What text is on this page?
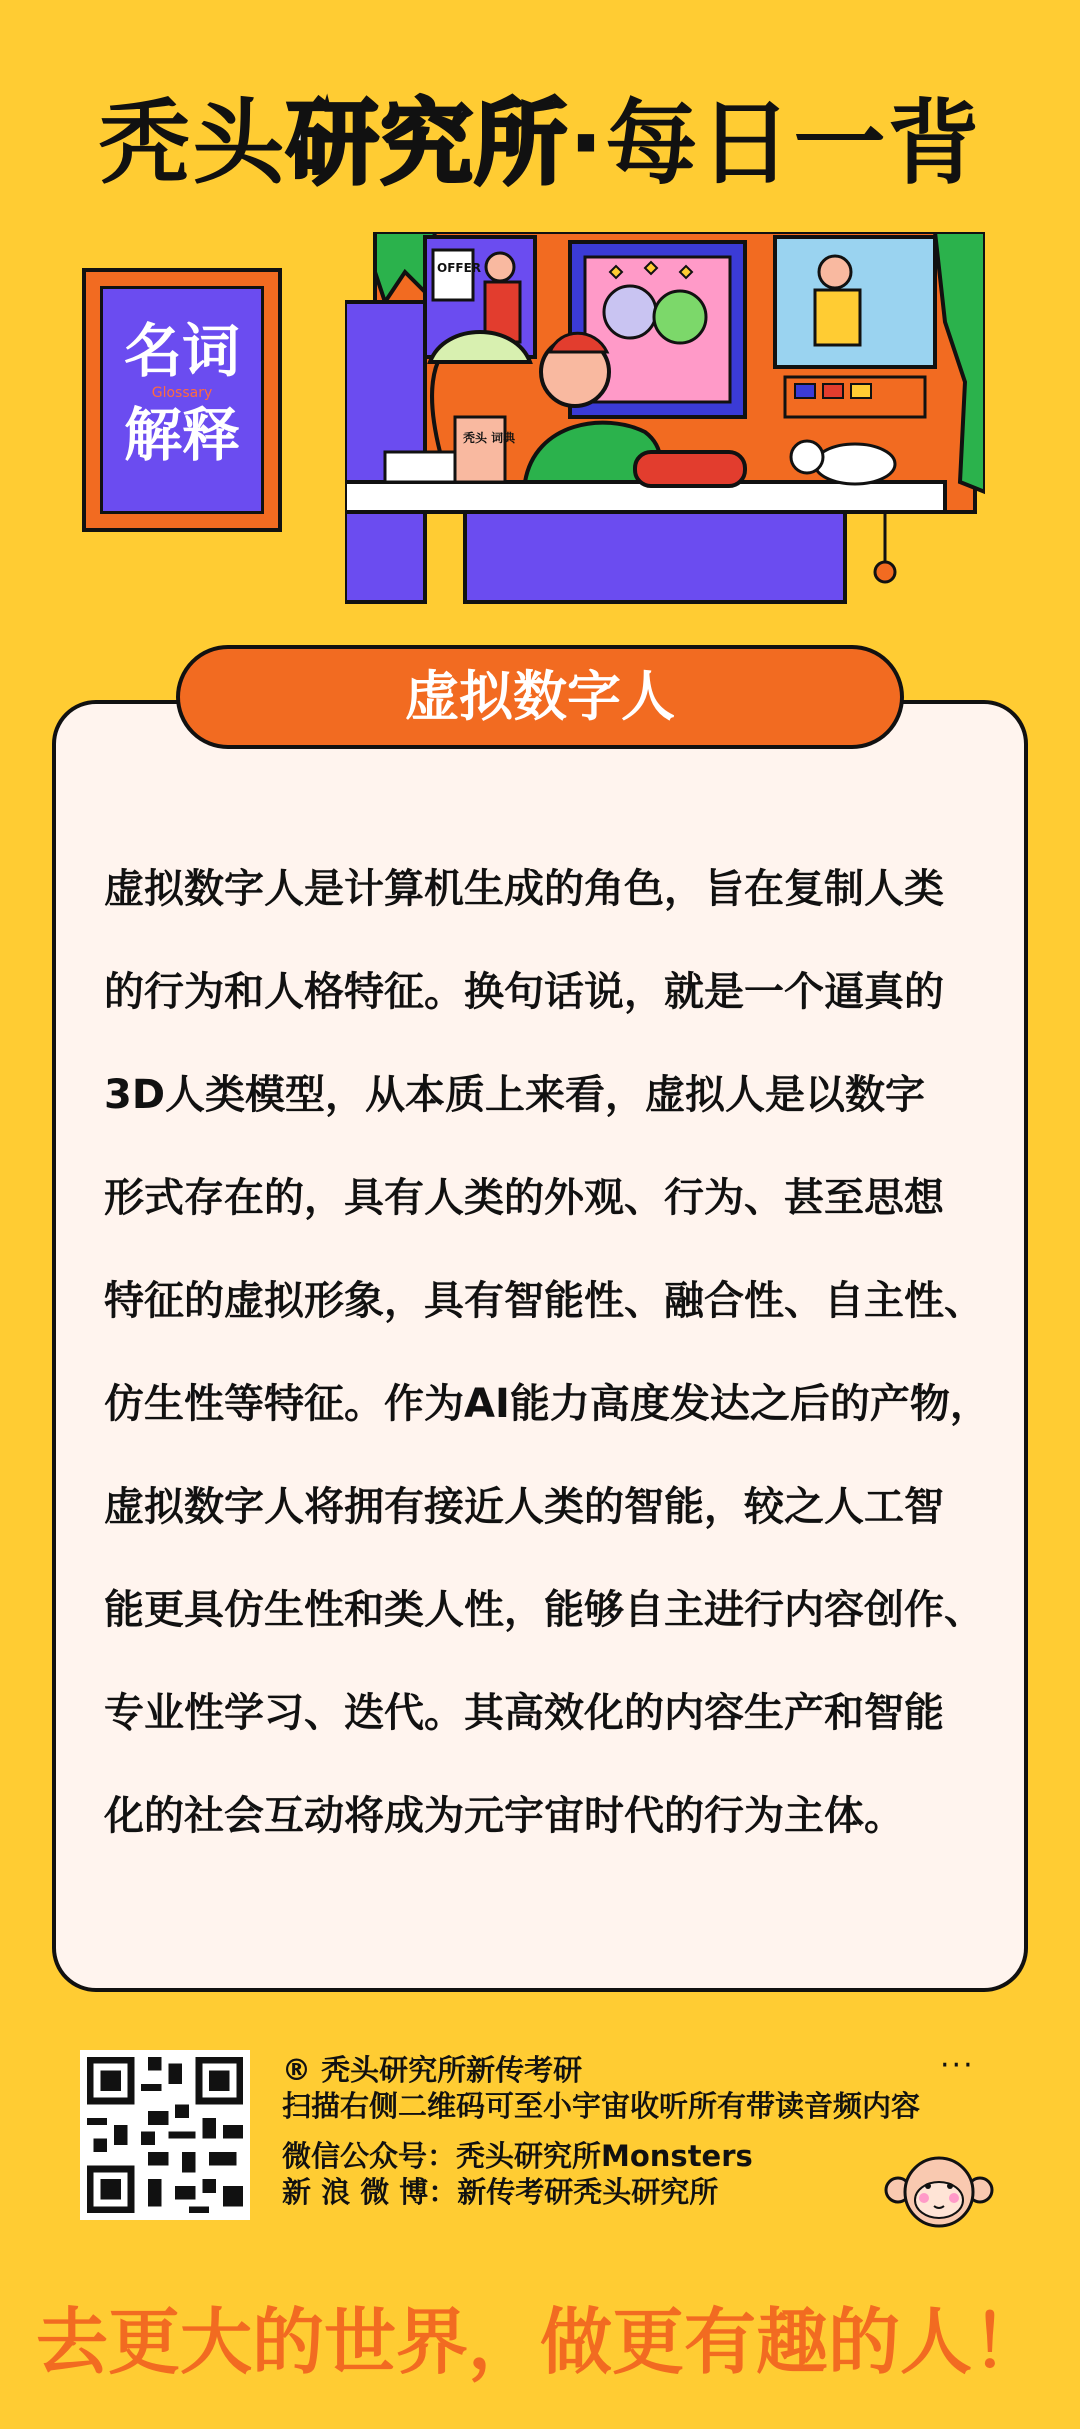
秃头研究所·每日一背
名词
Glossary
解释
OFFER
秃头 词典
虚拟数字人
虚拟数字人是计算机生成的角色，旨在复制人类
的行为和人格特征。换句话说，就是一个逼真的
3D人类模型，从本质上来看，虚拟人是以数字
形式存在的，具有人类的外观、行为、甚至思想
特征的虚拟形象，具有智能性、融合性、自主性、
仿生性等特征。作为AI能力高度发达之后的产物，
虚拟数字人将拥有接近人类的智能，较之人工智
能更具仿生性和类人性，能够自主进行内容创作、
专业性学习、迭代。其高效化的内容生产和智能
化的社会互动将成为元宇宙时代的行为主体。
® 秃头研究所新传考研
扫描右侧二维码可至小宇宙收听所有带读音频内容
微信公众号：秃头研究所Monsters
新 浪 微 博：新传考研秃头研究所
···
去更大的世界，做更有趣的人！
